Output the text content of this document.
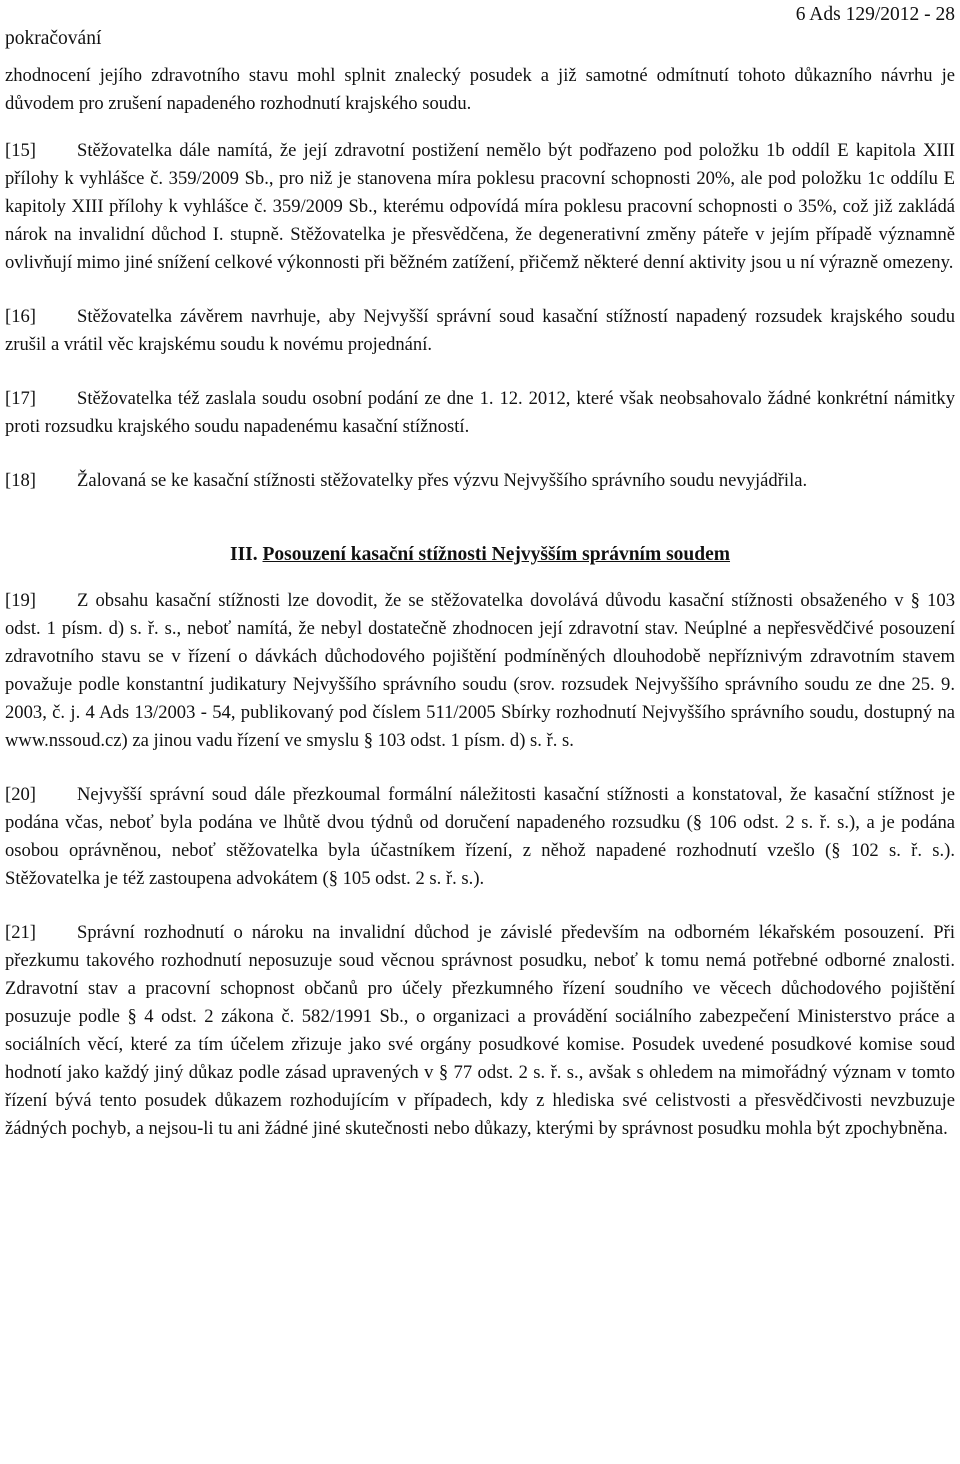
pokračování
6 Ads 129/2012 - 28

zhodnocení jejího zdravotního stavu mohl splnit znalecký posudek a již samotné odmítnutí tohoto důkazního návrhu je důvodem pro zrušení napadeného rozhodnutí krajského soudu.

[15] Stěžovatelka dále namítá, že její zdravotní postižení nemělo být podřazeno pod položku 1b oddíl E kapitola XIII přílohy k vyhlášce č. 359/2009 Sb., pro niž je stanovena míra poklesu pracovní schopnosti 20%, ale pod položku 1c oddílu E kapitoly XIII přílohy k vyhlášce č. 359/2009 Sb., kterému odpovídá míra poklesu pracovní schopnosti o 35%, což již zakládá nárok na invalidní důchod I. stupně. Stěžovatelka je přesvědčena, že degenerativní změny páteře v jejím případě významně ovlivňují mimo jiné snížení celkové výkonnosti při běžném zatížení, přičemž některé denní aktivity jsou u ní výrazně omezeny.

[16] Stěžovatelka závěrem navrhuje, aby Nejvyšší správní soud kasační stížností napadený rozsudek krajského soudu zrušil a vrátil věc krajskému soudu k novému projednání.

[17] Stěžovatelka též zaslala soudu osobní podání ze dne 1. 12. 2012, které však neobsahovalo žádné konkrétní námitky proti rozsudku krajského soudu napadenému kasační stížností.

[18] Žalovaná se ke kasační stížnosti stěžovatelky přes výzvu Nejvyššího správního soudu nevyjádřila.

III. Posouzení kasační stížnosti Nejvyšším správním soudem

[19] Z obsahu kasační stížnosti lze dovodit, že se stěžovatelka dovolává důvodu kasační stížnosti obsaženého v § 103 odst. 1 písm. d) s. ř. s., neboť namítá, že nebyl dostatečně zhodnocen její zdravotní stav. Neúplné a nepřesvědčivé posouzení zdravotního stavu se v řízení o dávkách důchodového pojištění podmíněných dlouhodobě nepříznivým zdravotním stavem považuje podle konstantní judikatury Nejvyššího správního soudu (srov. rozsudek Nejvyššího správního soudu ze dne 25. 9. 2003, č. j. 4 Ads 13/2003 - 54, publikovaný pod číslem 511/2005 Sbírky rozhodnutí Nejvyššího správního soudu, dostupný na www.nssoud.cz) za jinou vadu řízení ve smyslu § 103 odst. 1 písm. d) s. ř. s.

[20] Nejvyšší správní soud dále přezkoumal formální náležitosti kasační stížnosti a konstatoval, že kasační stížnost je podána včas, neboť byla podána ve lhůtě dvou týdnů od doručení napadeného rozsudku (§ 106 odst. 2 s. ř. s.), a je podána osobou oprávněnou, neboť stěžovatelka byla účastníkem řízení, z něhož napadené rozhodnutí vzešlo (§ 102 s. ř. s.). Stěžovatelka je též zastoupena advokátem (§ 105 odst. 2 s. ř. s.).

[21] Správní rozhodnutí o nároku na invalidní důchod je závislé především na odborném lékařském posouzení. Při přezkumu takového rozhodnutí neposuzuje soud věcnou správnost posudku, neboť k tomu nemá potřebné odborné znalosti. Zdravotní stav a pracovní schopnost občanů pro účely přezkumného řízení soudního ve věcech důchodového pojištění posuzuje podle § 4 odst. 2 zákona č. 582/1991 Sb., o organizaci a provádění sociálního zabezpečení Ministerstvo práce a sociálních věcí, které za tím účelem zřizuje jako své orgány posudkové komise. Posudek uvedené posudkové komise soud hodnotí jako každý jiný důkaz podle zásad upravených v § 77 odst. 2 s. ř. s., avšak s ohledem na mimořádný význam v tomto řízení bývá tento posudek důkazem rozhodujícím v případech, kdy z hlediska své celistvosti a přesvědčivosti nevzbuzuje žádných pochyb, a nejsou-li tu ani žádné jiné skutečnosti nebo důkazy, kterými by správnost posudku mohla být zpochybněna.
